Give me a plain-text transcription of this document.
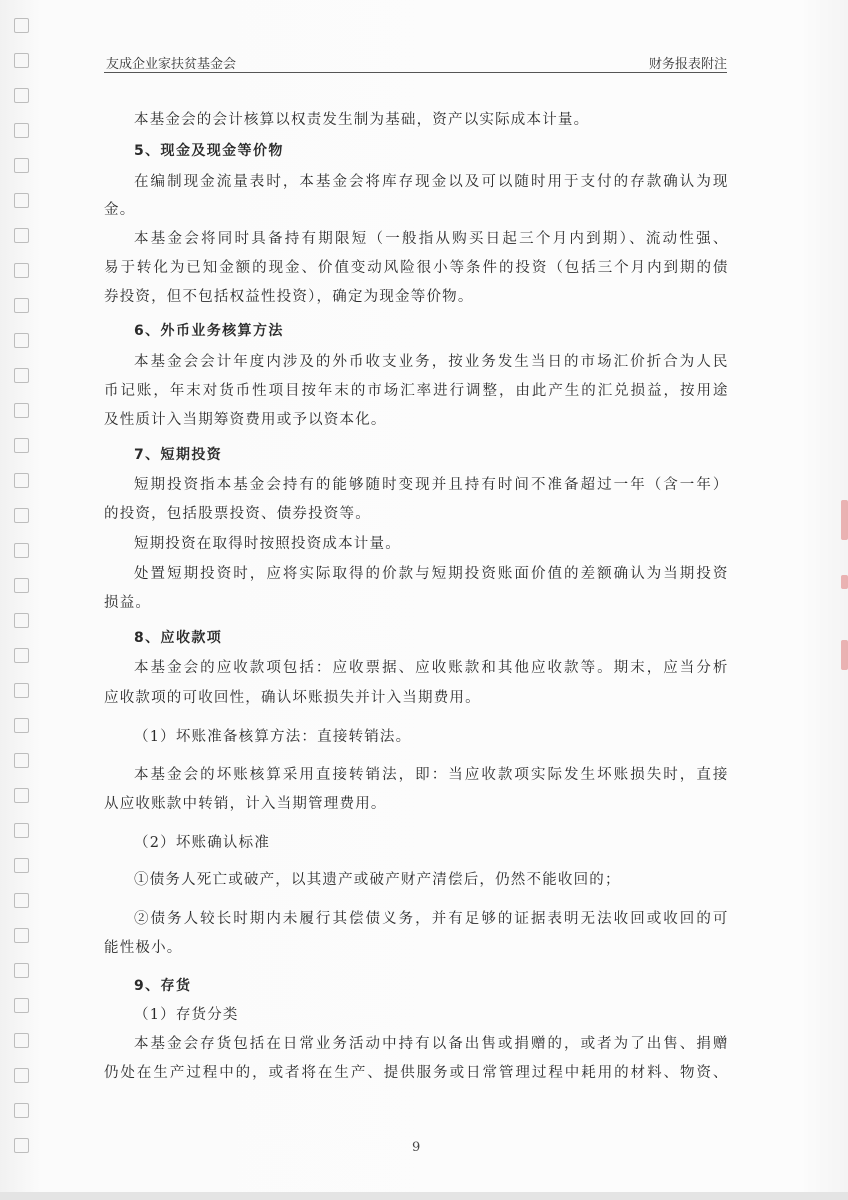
友成企业家扶贫基金会	财务报表附注
本基金会的会计核算以权责发生制为基础，资产以实际成本计量。
5、现金及现金等价物
在编制现金流量表时，本基金会将库存现金以及可以随时用于支付的存款确认为现
金。
本基金会将同时具备持有期限短（一般指从购买日起三个月内到期）、流动性强、
易于转化为已知金额的现金、价值变动风险很小等条件的投资（包括三个月内到期的债
券投资，但不包括权益性投资），确定为现金等价物。
6、外币业务核算方法
本基金会会计年度内涉及的外币收支业务，按业务发生当日的市场汇价折合为人民
币记账，年末对货币性项目按年末的市场汇率进行调整，由此产生的汇兑损益，按用途
及性质计入当期筹资费用或予以资本化。
7、短期投资
短期投资指本基金会持有的能够随时变现并且持有时间不准备超过一年（含一年）
的投资，包括股票投资、债券投资等。
短期投资在取得时按照投资成本计量。
处置短期投资时，应将实际取得的价款与短期投资账面价值的差额确认为当期投资
损益。
8、应收款项
本基金会的应收款项包括：应收票据、应收账款和其他应收款等。期末，应当分析
应收款项的可收回性，确认坏账损失并计入当期费用。
（1）坏账准备核算方法：直接转销法。
本基金会的坏账核算采用直接转销法，即：当应收款项实际发生坏账损失时，直接
从应收账款中转销，计入当期管理费用。
（2）坏账确认标准
①债务人死亡或破产，以其遗产或破产财产清偿后，仍然不能收回的；
②债务人较长时期内未履行其偿债义务，并有足够的证据表明无法收回或收回的可
能性极小。
9、存货
（1）存货分类
本基金会存货包括在日常业务活动中持有以备出售或捐赠的，或者为了出售、捐赠
仍处在生产过程中的，或者将在生产、提供服务或日常管理过程中耗用的材料、物资、
9
